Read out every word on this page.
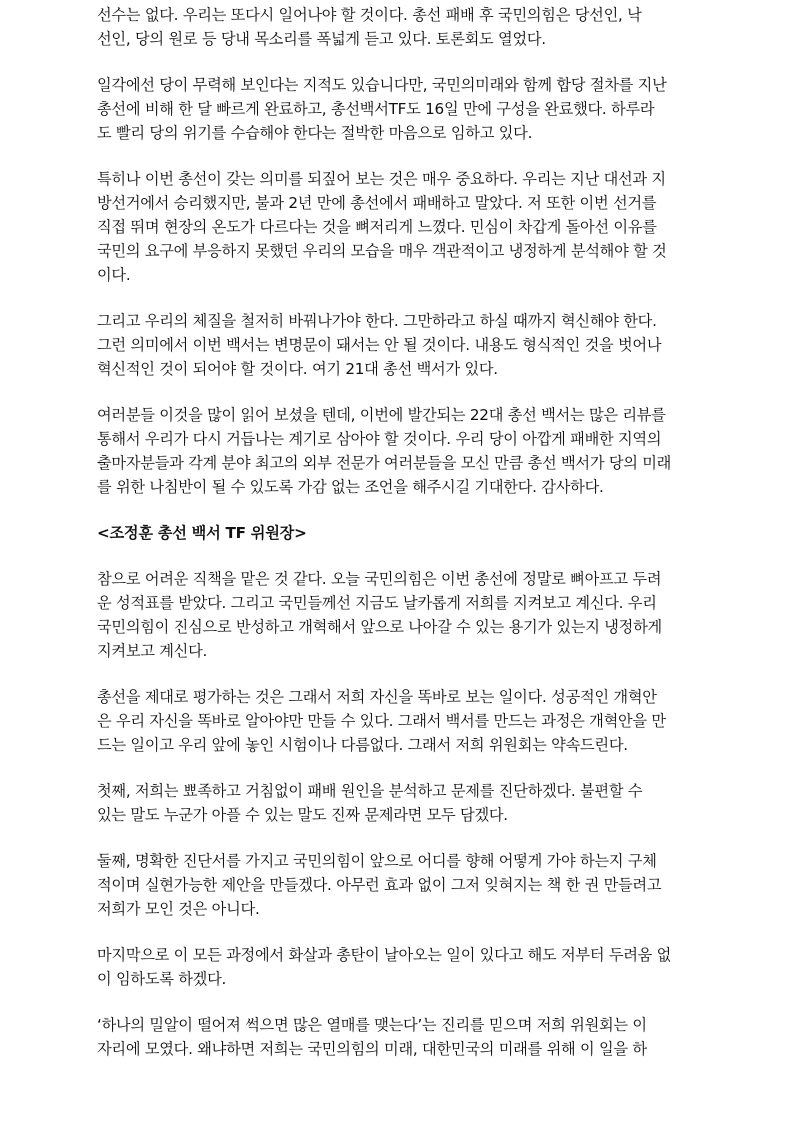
선수는 없다. 우리는 또다시 일어나야 할 것이다. 총선 패배 후 국민의힘은 당선인, 낙
선인, 당의 원로 등 당내 목소리를 폭넓게 듣고 있다. 토론회도 열었다.
일각에선 당이 무력해 보인다는 지적도 있습니다만, 국민의미래와 함께 합당 절차를 지난
총선에 비해 한 달 빠르게 완료하고, 총선백서TF도 16일 만에 구성을 완료했다. 하루라
도 빨리 당의 위기를 수습해야 한다는 절박한 마음으로 임하고 있다.
특히나 이번 총선이 갖는 의미를 되짚어 보는 것은 매우 중요하다. 우리는 지난 대선과 지
방선거에서 승리했지만, 불과 2년 만에 총선에서 패배하고 말았다. 저 또한 이번 선거를
직접 뛰며 현장의 온도가 다르다는 것을 뼈저리게 느꼈다. 민심이 차갑게 돌아선 이유를
국민의 요구에 부응하지 못했던 우리의 모습을 매우 객관적이고 냉정하게 분석해야 할 것
이다.
그리고 우리의 체질을 철저히 바꿔나가야 한다. 그만하라고 하실 때까지 혁신해야 한다.
그런 의미에서 이번 백서는 변명문이 돼서는 안 될 것이다. 내용도 형식적인 것을 벗어나
혁신적인 것이 되어야 할 것이다. 여기 21대 총선 백서가 있다.
여러분들 이것을 많이 읽어 보셨을 텐데, 이번에 발간되는 22대 총선 백서는 많은 리뷰를
통해서 우리가 다시 거듭나는 계기로 삼아야 할 것이다. 우리 당이 아깝게 패배한 지역의
출마자분들과 각계 분야 최고의 외부 전문가 여러분들을 모신 만큼 총선 백서가 당의 미래
를 위한 나침반이 될 수 있도록 가감 없는 조언을 해주시길 기대한다. 감사하다.
<조정훈 총선 백서 TF 위원장>
참으로 어려운 직책을 맡은 것 같다. 오늘 국민의힘은 이번 총선에 정말로 뼈아프고 두려
운 성적표를 받았다. 그리고 국민들께선 지금도 날카롭게 저희를 지켜보고 계신다. 우리
국민의힘이 진심으로 반성하고 개혁해서 앞으로 나아갈 수 있는 용기가 있는지 냉정하게
지켜보고 계신다.
총선을 제대로 평가하는 것은 그래서 저희 자신을 똑바로 보는 일이다. 성공적인 개혁안
은 우리 자신을 똑바로 알아야만 만들 수 있다. 그래서 백서를 만드는 과정은 개혁안을 만
드는 일이고 우리 앞에 놓인 시험이나 다름없다. 그래서 저희 위원회는 약속드린다.
첫째, 저희는 뾰족하고 거침없이 패배 원인을 분석하고 문제를 진단하겠다. 불편할 수
있는 말도 누군가 아플 수 있는 말도 진짜 문제라면 모두 담겠다.
둘째, 명확한 진단서를 가지고 국민의힘이 앞으로 어디를 향해 어떻게 가야 하는지 구체
적이며 실현가능한 제안을 만들겠다. 아무런 효과 없이 그저 잊혀지는 책 한 권 만들려고
저희가 모인 것은 아니다.
마지막으로 이 모든 과정에서 화살과 총탄이 날아오는 일이 있다고 해도 저부터 두려움 없
이 임하도록 하겠다.
‘하나의 밀알이 떨어져 썩으면 많은 열매를 맺는다’는 진리를 믿으며 저희 위원회는 이
자리에 모였다. 왜냐하면 저희는 국민의힘의 미래, 대한민국의 미래를 위해 이 일을 하
